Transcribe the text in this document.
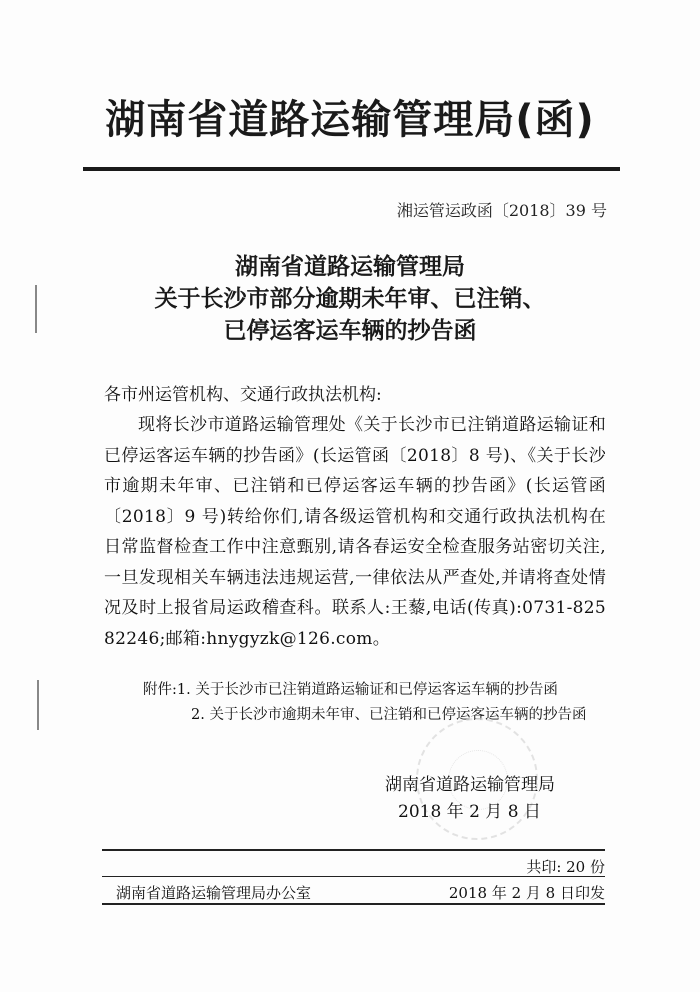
湖南省道路运输管理局(函)
湘运管运政函〔2018〕39 号
湖南省道路运输管理局
关于长沙市部分逾期未年审、已注销、
已停运客运车辆的抄告函
各市州运管机构、交通行政执法机构:
现将长沙市道路运输管理处《关于长沙市已注销道路运输证和已停运客运车辆的抄告函》(长运管函〔2018〕8 号)、《关于长沙市逾期未年审、已注销和已停运客运车辆的抄告函》(长运管函〔2018〕9 号)转给你们,请各级运管机构和交通行政执法机构在日常监督检查工作中注意甄别,请各春运安全检查服务站密切关注,一旦发现相关车辆违法违规运营,一律依法从严查处,并请将查处情况及时上报省局运政稽查科。联系人:王藜,电话(传真):0731-82582246;邮箱:hnygyzk@126.com。
附件:1. 关于长沙市已注销道路运输证和已停运客运车辆的抄告函
2. 关于长沙市逾期未年审、已注销和已停运客运车辆的抄告函
湖南省道路运输管理局
2018 年 2 月 8 日
共印: 20 份
湖南省道路运输管理局办公室	2018 年 2 月 8 日印发
